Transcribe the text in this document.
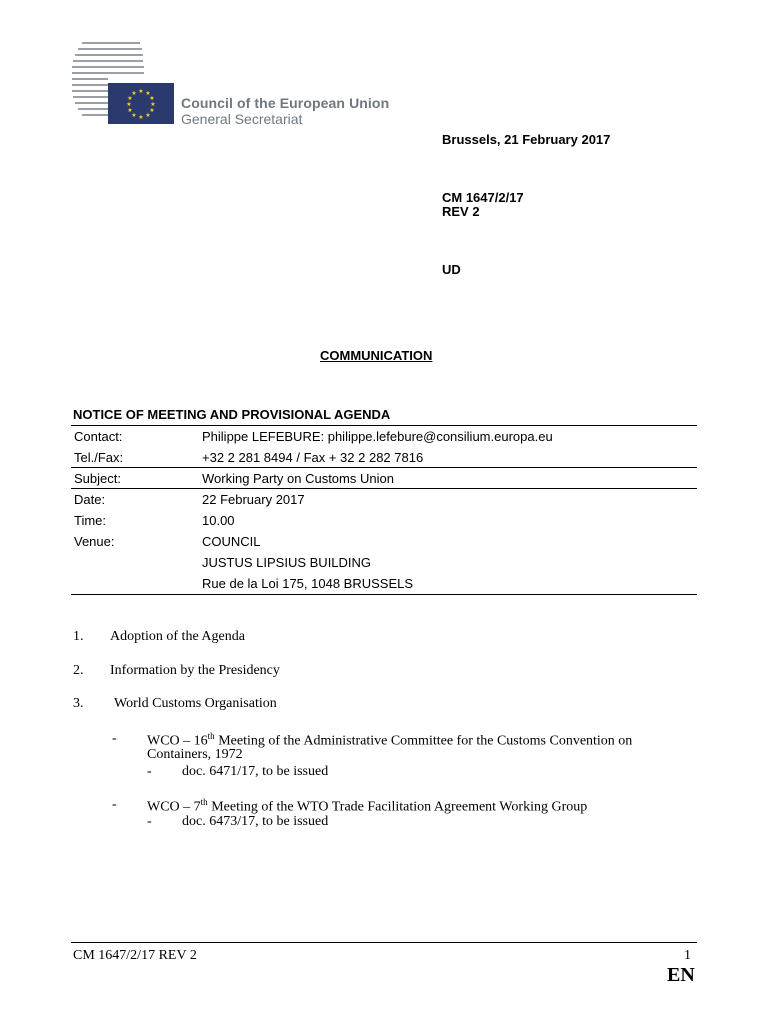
★ ★
★
★
★
★
★
★
★
★
★
★
Council of the European Union
General Secretariat
Brussels, 21 February 2017
CM 1647/2/17
REV 2
UD
COMMUNICATION
NOTICE OF MEETING AND PROVISIONAL AGENDA
Contact:	Philippe LEFEBURE: philippe.lefebure@consilium.europa.eu
Tel./Fax:	+32 2 281 8494 / Fax + 32 2 282 7816
Subject:	Working Party on Customs Union
Date:	22 February 2017
Time:	10.00
Venue:	COUNCIL
JUSTUS LIPSIUS BUILDING
Rue de la Loi 175, 1048 BRUSSELS
1. Adoption of the Agenda
2. Information by the Presidency
3. World Customs Organisation
- WCO – 16th Meeting of the Administrative Committee for the Customs Convention on
Containers, 1972
- doc. 6471/17, to be issued
- WCO – 7th Meeting of the WTO Trade Facilitation Agreement Working Group
- doc. 6473/17, to be issued
CM 1647/2/17 REV 2	1
EN
